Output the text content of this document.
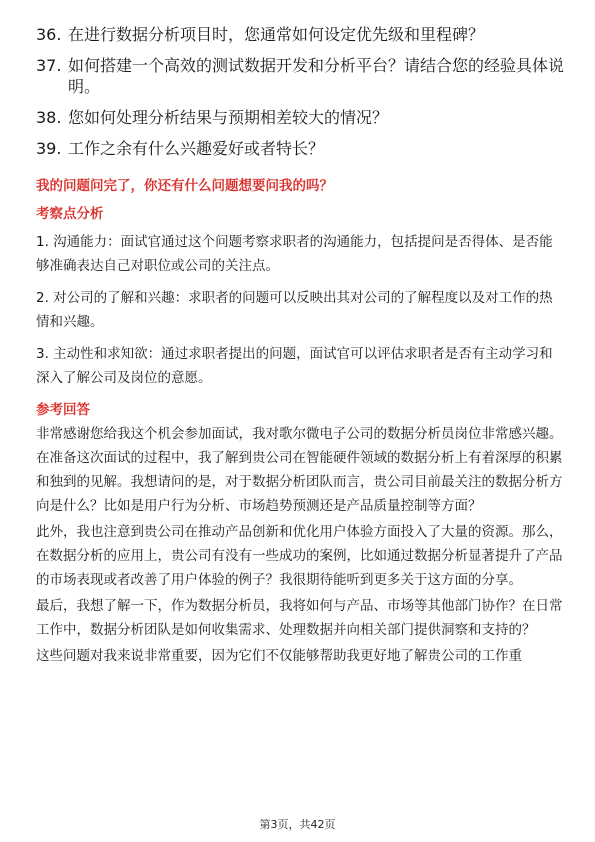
36. 在进行数据分析项目时，您通常如何设定优先级和里程碑？
37. 如何搭建一个高效的测试数据开发和分析平台？请结合您的经验具体说明。
38. 您如何处理分析结果与预期相差较大的情况？
39. 工作之余有什么兴趣爱好或者特长？
我的问题问完了，你还有什么问题想要问我的吗？
考察点分析

1. 沟通能力：面试官通过这个问题考察求职者的沟通能力，包括提问是否得体、是否能够准确表达自己对职位或公司的关注点。

2. 对公司的了解和兴趣：求职者的问题可以反映出其对公司的了解程度以及对工作的热情和兴趣。

3. 主动性和求知欲：通过求职者提出的问题，面试官可以评估求职者是否有主动学习和深入了解公司及岗位的意愿。

参考回答

非常感谢您给我这个机会参加面试，我对歌尔微电子公司的数据分析员岗位非常感兴趣。在准备这次面试的过程中，我了解到贵公司在智能硬件领域的数据分析上有着深厚的积累和独到的见解。我想请问的是，对于数据分析团队而言，贵公司目前最关注的数据分析方向是什么？比如是用户行为分析、市场趋势预测还是产品质量控制等方面？

此外，我也注意到贵公司在推动产品创新和优化用户体验方面投入了大量的资源。那么，在数据分析的应用上，贵公司有没有一些成功的案例，比如通过数据分析显著提升了产品的市场表现或者改善了用户体验的例子？我很期待能听到更多关于这方面的分享。

最后，我想了解一下，作为数据分析员，我将如何与产品、市场等其他部门协作？在日常工作中，数据分析团队是如何收集需求、处理数据并向相关部门提供洞察和支持的？

这些问题对我来说非常重要，因为它们不仅能够帮助我更好地了解贵公司的工作重

第3页，共42页
